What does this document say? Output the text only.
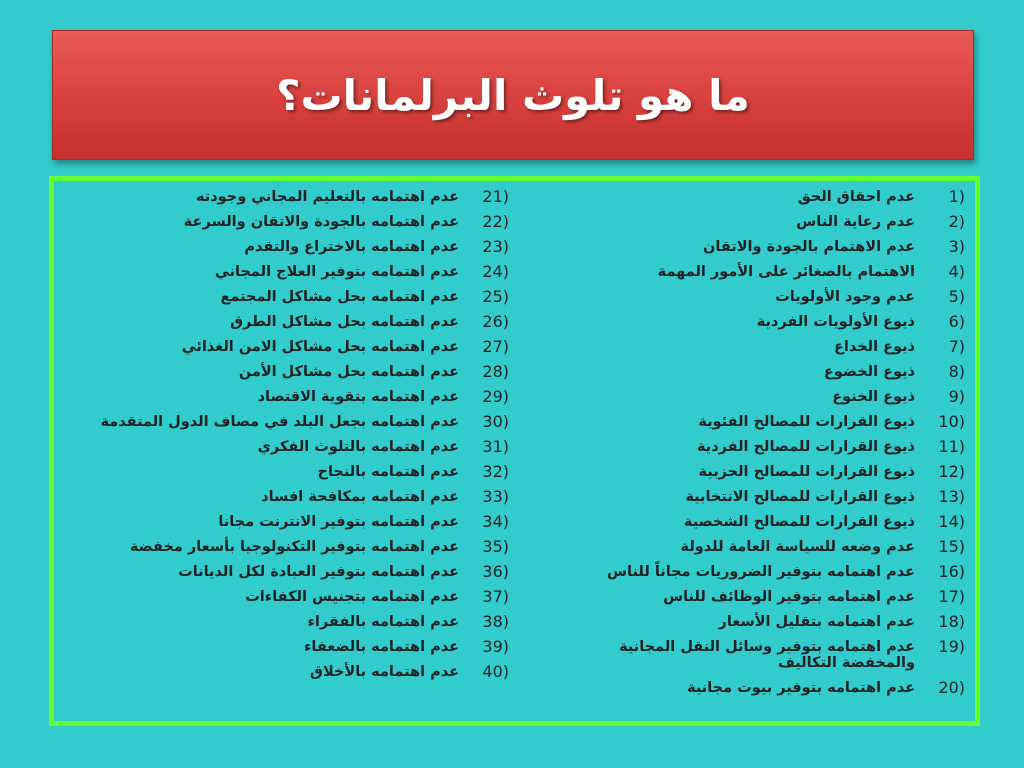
ما هو تلوث البرلمانات؟
1)
عدم احقاق الحق
2)
عدم رعاية الناس
3)
عدم الاهتمام بالجودة والاتقان
4)
الاهتمام بالصغائر على الأمور المهمة
5)
عدم وجود الأولويات
6)
ذيوع الأولويات الفردية
7)
ذيوع الخداع
8)
ذيوع الخضوع
9)
ذيوع الخنوع
10)
ذيوع القرارات للمصالح الفئوية
11)
ذيوع القرارات للمصالح الفردية
12)
ذيوع القرارات للمصالح الحزبية
13)
ذيوع القرارات للمصالح الانتخابية
14)
ذيوع القرارات للمصالح الشخصية
15)
عدم وضعه للسياسة العامة للدولة
16)
عدم اهتمامه بتوفير الضروريات مجاناً للناس
17)
عدم اهتمامه بتوفير الوظائف للناس
18)
عدم اهتمامه بتقليل الأسعار
19)
عدم اهتمامه بتوفير وسائل النقل المجانية والمخفضة التكاليف
20)
عدم اهتمامه بتوفير بيوت مجانية
21)
عدم اهتمامه بالتعليم المجاني وجودته
22)
عدم اهتمامه بالجودة والاتقان والسرعة
23)
عدم اهتمامه بالاختراع والتقدم
24)
عدم اهتمامه بتوفير العلاج المجاني
25)
عدم اهتمامه بحل مشاكل المجتمع
26)
عدم اهتمامه بحل مشاكل الطرق
27)
عدم اهتمامه بحل مشاكل الامن الغذائي
28)
عدم اهتمامه بحل مشاكل الأمن
29)
عدم اهتمامه بتقوية الاقتصاد
30)
عدم اهتمامه بجعل البلد في مصاف الدول المتقدمة
31)
عدم اهتمامه بالتلوث الفكري
32)
عدم اهتمامه بالنجاح
33)
عدم اهتمامه بمكافحة افساد
34)
عدم اهتمامه بتوفير الانترنت مجانا
35)
عدم اهتمامه بتوفير التكنولوجيا بأسعار مخفضة
36)
عدم اهتمامه بتوفير العبادة لكل الديانات
37)
عدم اهتمامه بتجنيس الكفاءات
38)
عدم اهتمامه بالفقراء
39)
عدم اهتمامه بالضعفاء
40)
عدم اهتمامه بالأخلاق
